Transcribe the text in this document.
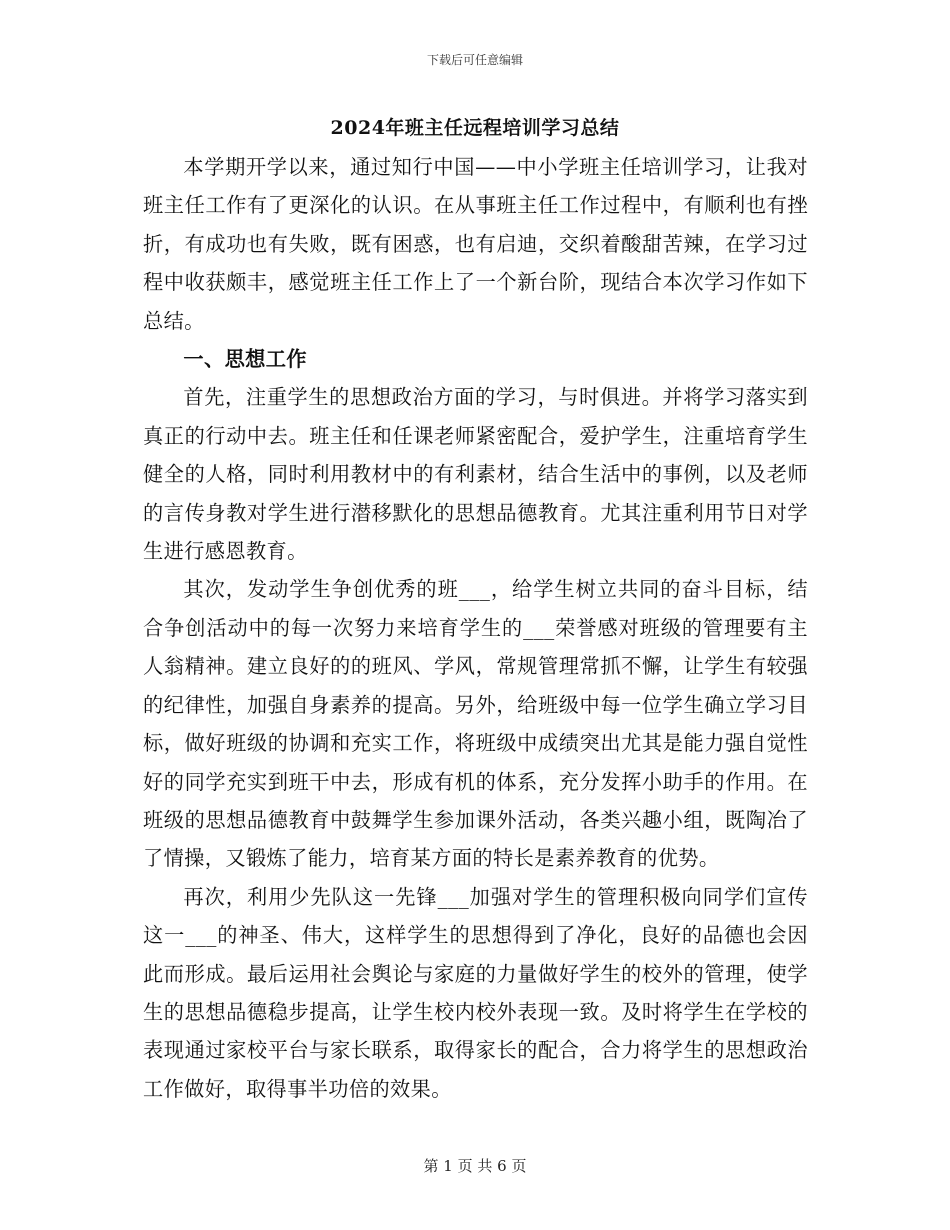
下载后可任意编辑
2024年班主任远程培训学习总结

本学期开学以来，通过知行中国——中小学班主任培训学习，让我对班主任工作有了更深化的认识。在从事班主任工作过程中，有顺利也有挫折，有成功也有失败，既有困惑，也有启迪，交织着酸甜苦辣，在学习过程中收获颇丰，感觉班主任工作上了一个新台阶，现结合本次学习作如下总结。

一、思想工作

首先，注重学生的思想政治方面的学习，与时俱进。并将学习落实到真正的行动中去。班主任和任课老师紧密配合，爱护学生，注重培育学生健全的人格，同时利用教材中的有利素材，结合生活中的事例，以及老师的言传身教对学生进行潜移默化的思想品德教育。尤其注重利用节日对学生进行感恩教育。

其次，发动学生争创优秀的班___，给学生树立共同的奋斗目标，结合争创活动中的每一次努力来培育学生的___荣誉感对班级的管理要有主人翁精神。建立良好的的班风、学风，常规管理常抓不懈，让学生有较强的纪律性，加强自身素养的提高。另外，给班级中每一位学生确立学习目标，做好班级的协调和充实工作，将班级中成绩突出尤其是能力强自觉性好的同学充实到班干中去，形成有机的体系，充分发挥小助手的作用。在班级的思想品德教育中鼓舞学生参加课外活动，各类兴趣小组，既陶冶了了情操，又锻炼了能力，培育某方面的特长是素养教育的优势。

再次，利用少先队这一先锋___加强对学生的管理积极向同学们宣传这一___的神圣、伟大，这样学生的思想得到了净化，良好的品德也会因此而形成。最后运用社会舆论与家庭的力量做好学生的校外的管理，使学生的思想品德稳步提高，让学生校内校外表现一致。及时将学生在学校的表现通过家校平台与家长联系，取得家长的配合，合力将学生的思想政治工作做好，取得事半功倍的效果。

第 1 页 共 6 页
